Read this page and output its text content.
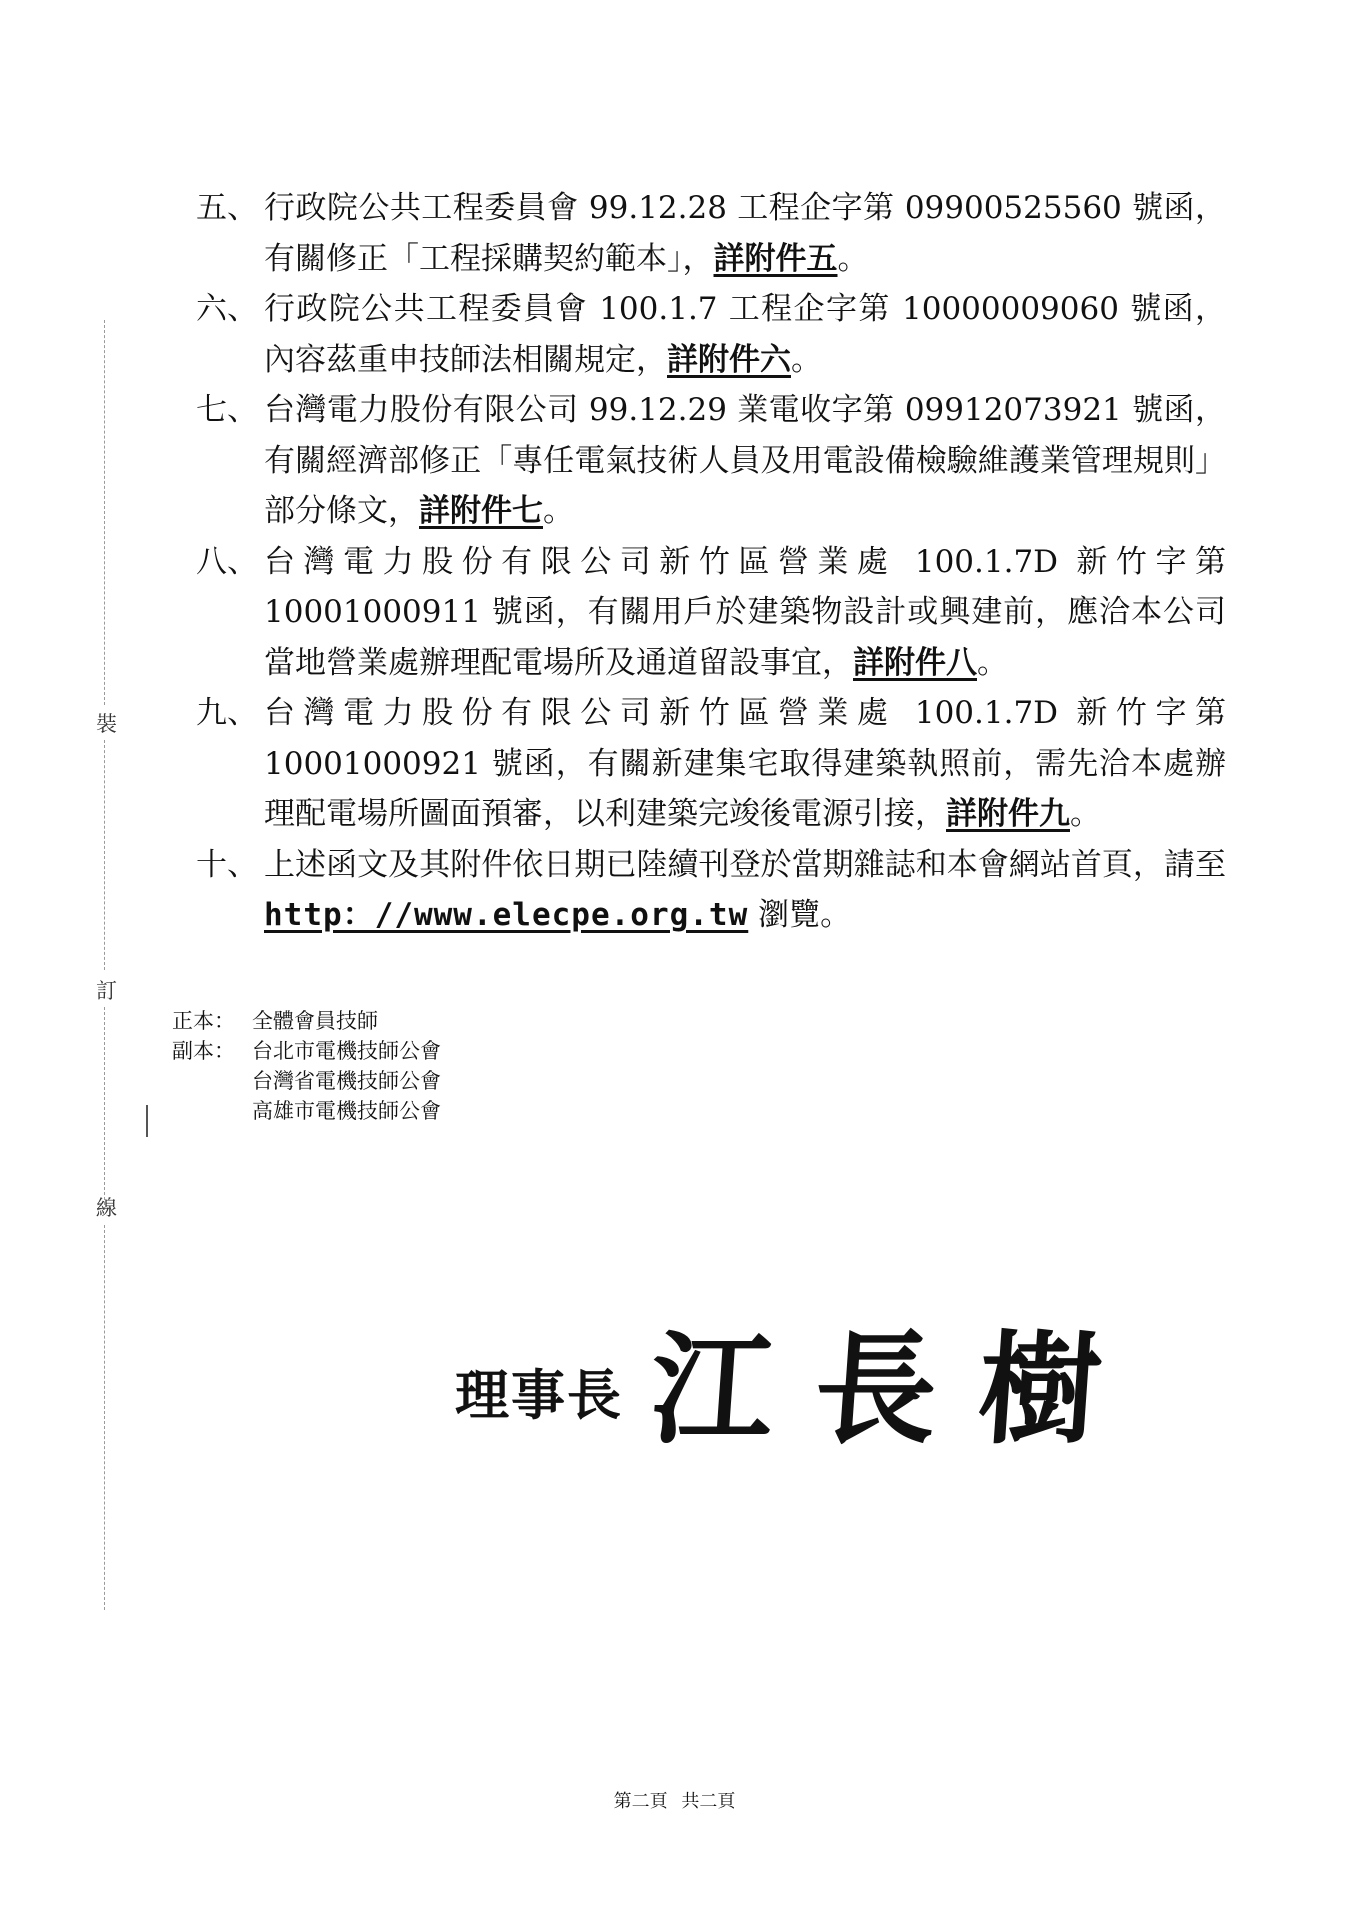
裝
訂
線
五、 行政院公共工程委員會 99.12.28 工程企字第 09900525560 號函，有關修正「工程採購契約範本」，詳附件五。
六、 行政院公共工程委員會 100.1.7 工程企字第 10000009060 號函，內容茲重申技師法相關規定，詳附件六。
七、 台灣電力股份有限公司 99.12.29 業電收字第 09912073921 號函，有關經濟部修正「專任電氣技術人員及用電設備檢驗維護業管理規則」部分條文，詳附件七。
八、 台灣電力股份有限公司新竹區營業處 100.1.7D 新竹字第 10001000911 號函，有關用戶於建築物設計或興建前，應洽本公司當地營業處辦理配電場所及通道留設事宜，詳附件八。
九、 台灣電力股份有限公司新竹區營業處 100.1.7D 新竹字第 10001000921 號函，有關新建集宅取得建築執照前，需先洽本處辦理配電場所圖面預審，以利建築完竣後電源引接，詳附件九。
十、 上述函文及其附件依日期已陸續刊登於當期雜誌和本會網站首頁，請至http：//www.elecpe.org.tw 瀏覽。
正本： 全體會員技師
副本： 台北市電機技師公會
台灣省電機技師公會
高雄市電機技師公會
理事長 江長樹
第二頁 共二頁
